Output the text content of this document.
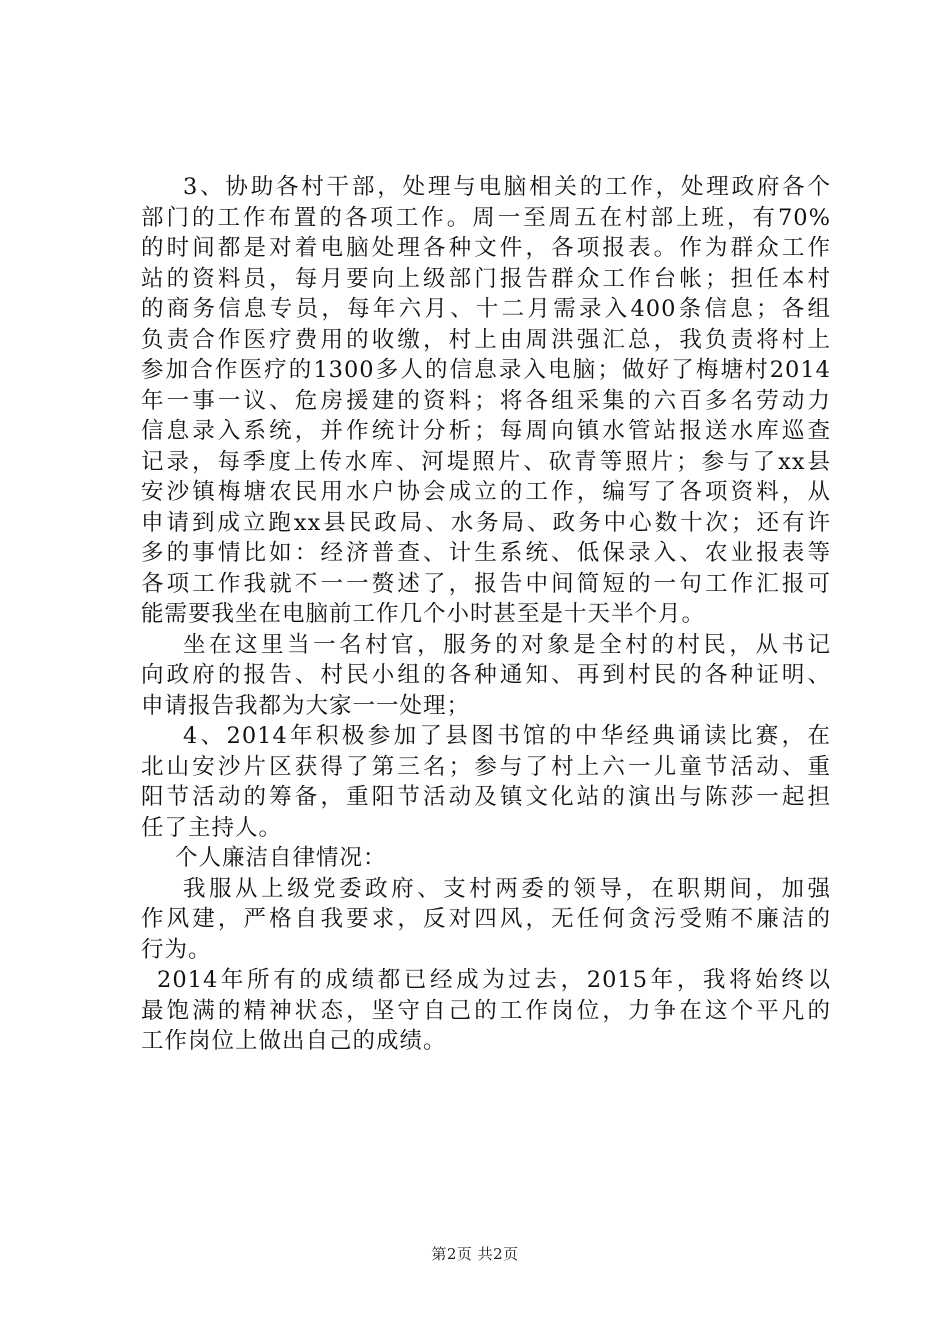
3、协助各村干部，处理与电脑相关的工作，处理政府各个
部门的工作布置的各项工作。周一至周五在村部上班，有70%
的时间都是对着电脑处理各种文件，各项报表。作为群众工作
站的资料员，每月要向上级部门报告群众工作台帐；担任本村
的商务信息专员，每年六月、十二月需录入400条信息；各组
负责合作医疗费用的收缴，村上由周洪强汇总，我负责将村上
参加合作医疗的1300多人的信息录入电脑；做好了梅塘村2014
年一事一议、危房援建的资料；将各组采集的六百多名劳动力
信息录入系统，并作统计分析；每周向镇水管站报送水库巡查
记录，每季度上传水库、河堤照片、砍青等照片；参与了xx县
安沙镇梅塘农民用水户协会成立的工作，编写了各项资料，从
申请到成立跑xx县民政局、水务局、政务中心数十次；还有许
多的事情比如：经济普查、计生系统、低保录入、农业报表等
各项工作我就不一一赘述了，报告中间简短的一句工作汇报可
能需要我坐在电脑前工作几个小时甚至是十天半个月。
坐在这里当一名村官，服务的对象是全村的村民，从书记
向政府的报告、村民小组的各种通知、再到村民的各种证明、
申请报告我都为大家一一处理；
4、2014年积极参加了县图书馆的中华经典诵读比赛，在
北山安沙片区获得了第三名；参与了村上六一儿童节活动、重
阳节活动的筹备，重阳节活动及镇文化站的演出与陈莎一起担
任了主持人。
个人廉洁自律情况：
我服从上级党委政府、支村两委的领导，在职期间，加强
作风建，严格自我要求，反对四风，无任何贪污受贿不廉洁的
行为。
2014年所有的成绩都已经成为过去，2015年，我将始终以
最饱满的精神状态，坚守自己的工作岗位，力争在这个平凡的
工作岗位上做出自己的成绩。
第2页 共2页
